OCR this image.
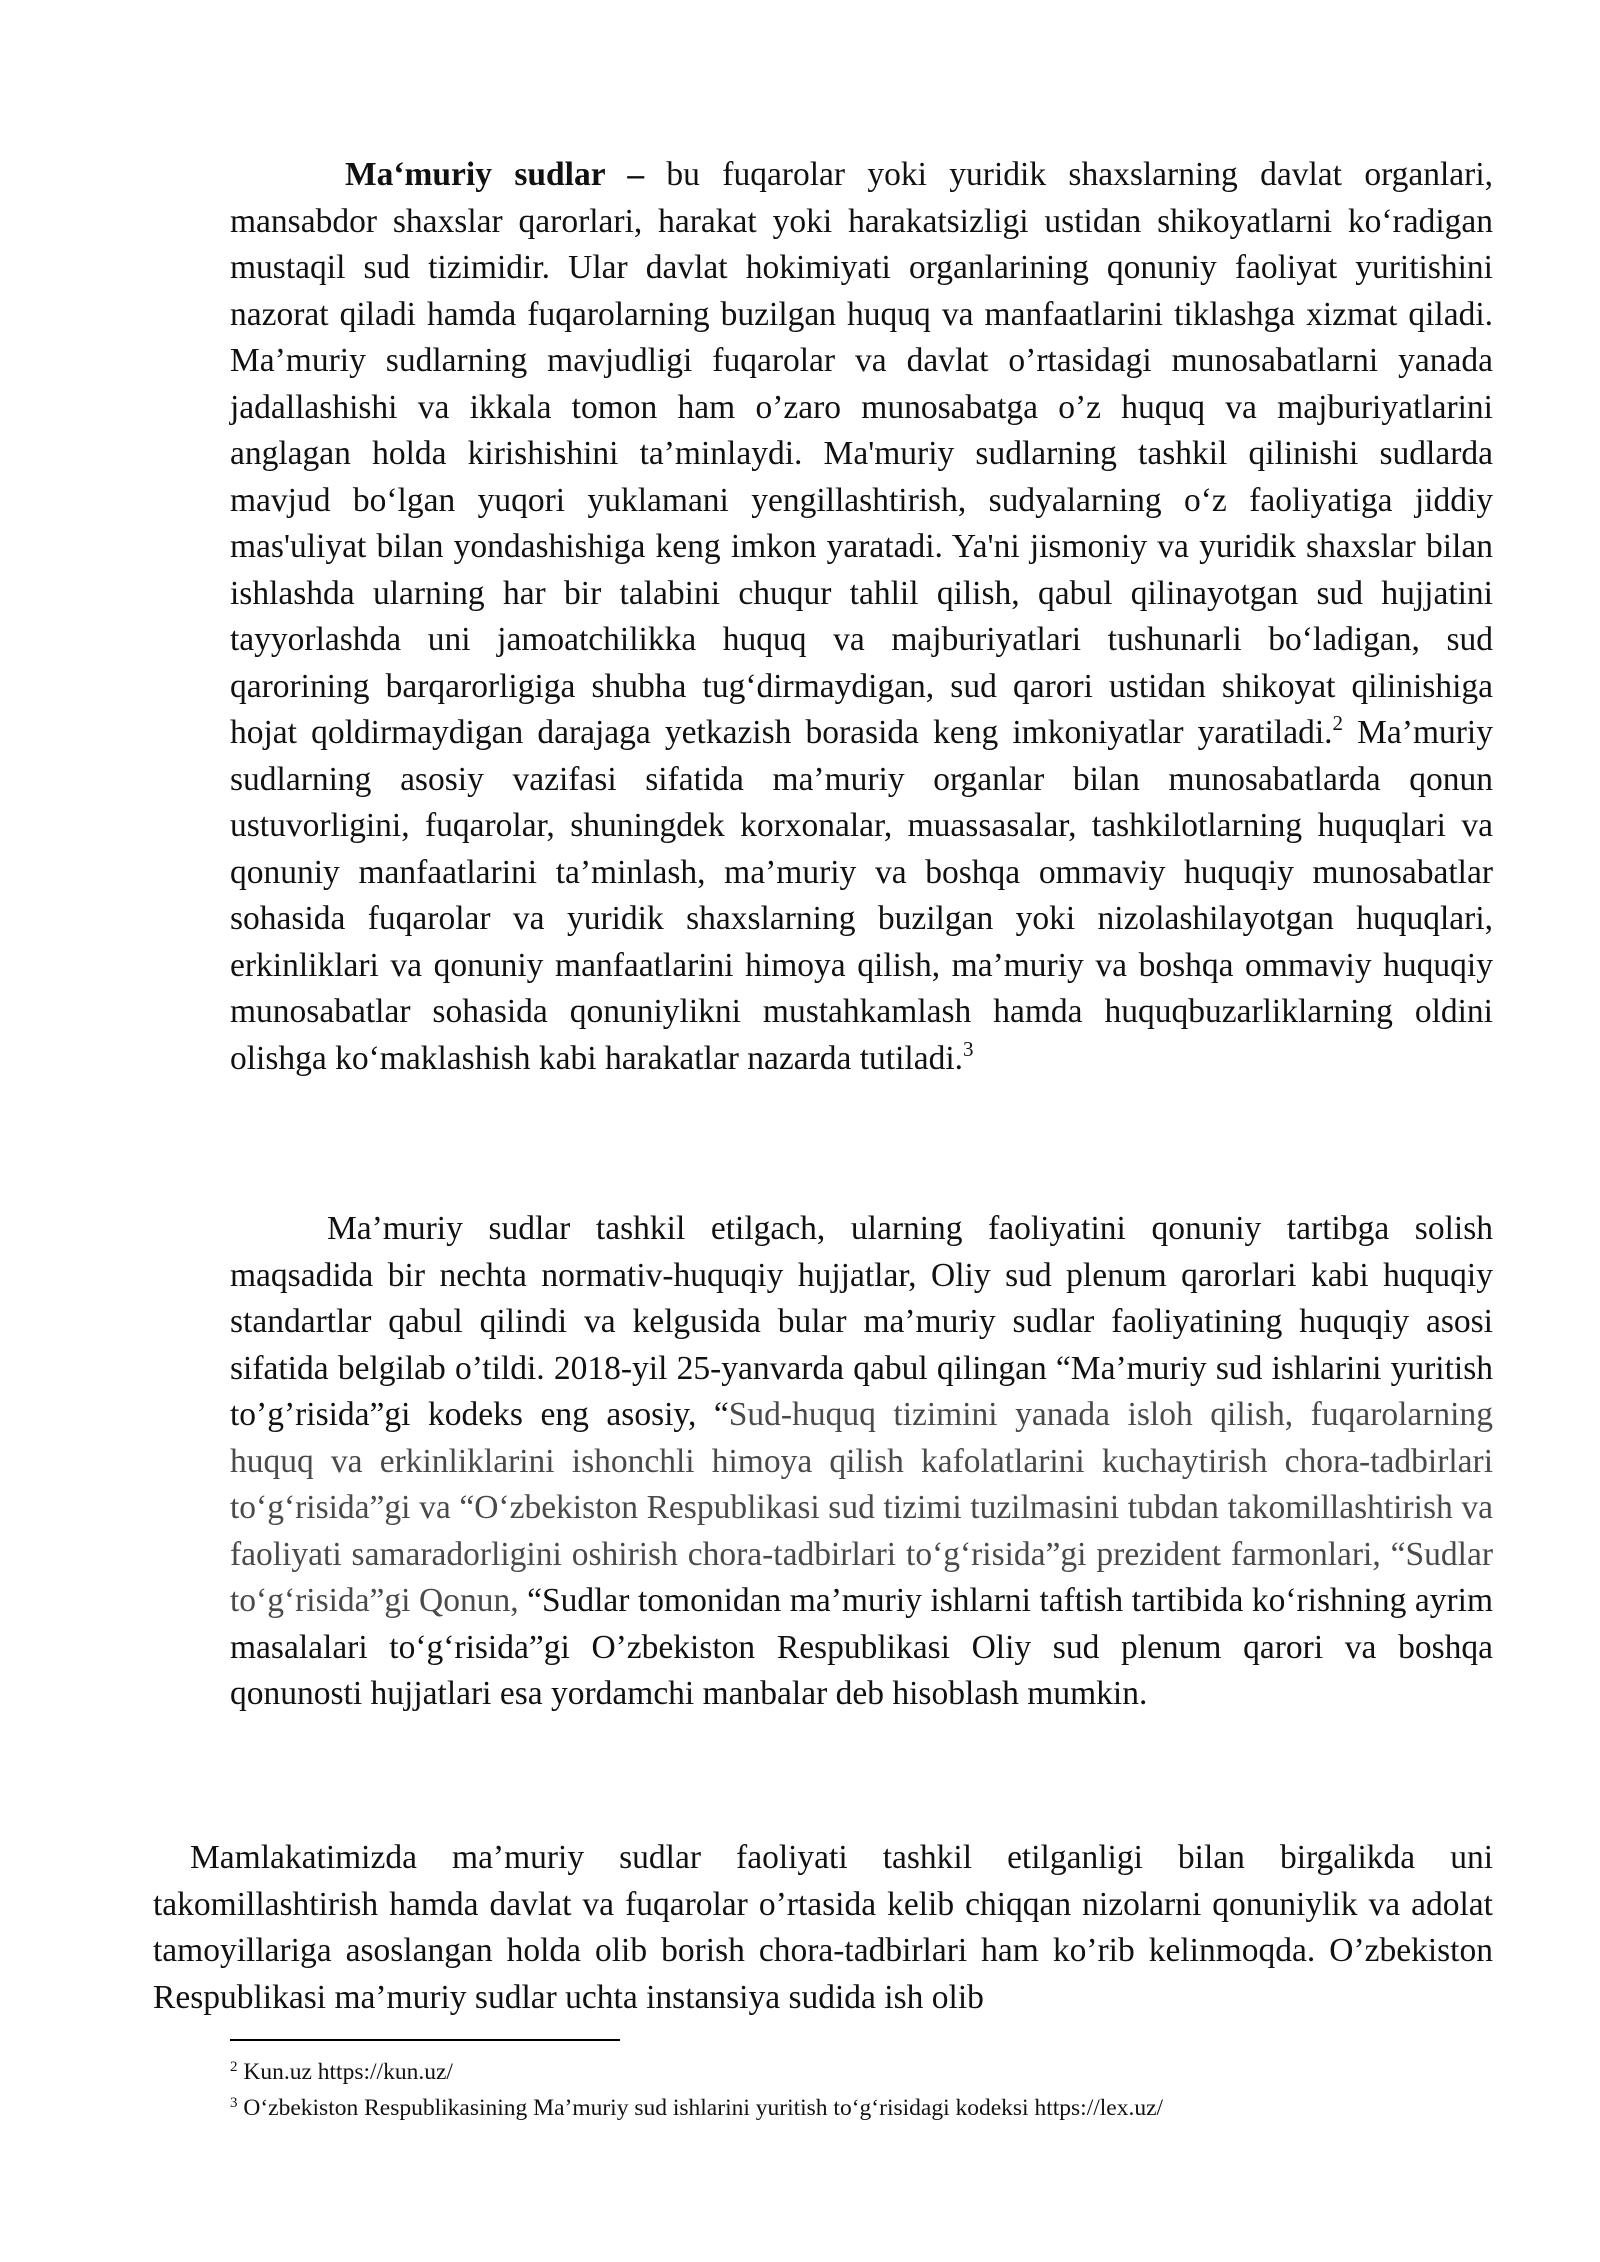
Ma‘muriy sudlar – bu fuqarolar yoki yuridik shaxslarning davlat organlari, mansabdor shaxslar qarorlari, harakat yoki harakatsizligi ustidan shikoyatlarni ko‘radigan mustaqil sud tizimidir. Ular davlat hokimiyati organlarining qonuniy faoliyat yuritishini nazorat qiladi hamda fuqarolarning buzilgan huquq va manfaatlarini tiklashga xizmat qiladi. Ma’muriy sudlarning mavjudligi fuqarolar va davlat o’rtasidagi munosabatlarni yanada jadallashishi va ikkala tomon ham o’zaro munosabatga o’z huquq va majburiyatlarini anglagan holda kirishishini ta’minlaydi. Ma'muriy sudlarning tashkil qilinishi sudlarda mavjud bo‘lgan yuqori yuklamani yengillashtirish, sudyalarning o‘z faoliyatiga jiddiy mas'uliyat bilan yondashishiga keng imkon yaratadi. Ya'ni jismoniy va yuridik shaxslar bilan ishlashda ularning har bir talabini chuqur tahlil qilish, qabul qilinayotgan sud hujjatini tayyorlashda uni jamoatchilikka huquq va majburiyatlari tushunarli bo‘ladigan, sud qarorining barqarorligiga shubha tug‘dirmaydigan, sud qarori ustidan shikoyat qilinishiga hojat qoldirmaydigan darajaga yetkazish borasida keng imkoniyatlar yaratiladi.$^2$ Ma’muriy sudlarning asosiy vazifasi sifatida ma’muriy organlar bilan munosabatlarda qonun ustuvorligini, fuqarolar, shuningdek korxonalar, muassasalar, tashkilotlarning huquqlari va qonuniy manfaatlarini ta’minlash, ma’muriy va boshqa ommaviy huquqiy munosabatlar sohasida fuqarolar va yuridik shaxslarning buzilgan yoki nizolashilayotgan huquqlari, erkinliklari va qonuniy manfaatlarini himoya qilish, ma’muriy va boshqa ommaviy huquqiy munosabatlar sohasida qonuniylikni mustahkamlash hamda huquqbuzarliklarning oldini olishga ko‘maklashish kabi harakatlar nazarda tutiladi.$^3$
Ma’muriy sudlar tashkil etilgach, ularning faoliyatini qonuniy tartibga solish maqsadida bir nechta normativ-huquqiy hujjatlar, Oliy sud plenum qarorlari kabi huquqiy standartlar qabul qilindi va kelgusida bular ma’muriy sudlar faoliyatining huquqiy asosi sifatida belgilab o’tildi. 2018-yil 25-yanvarda qabul qilingan “Ma’muriy sud ishlarini yuritish to’g’risida”gi kodeks eng asosiy, “Sud-huquq tizimini yanada isloh qilish, fuqarolarning huquq va erkinliklarini ishonchli himoya qilish kafolatlarini kuchaytirish chora-tadbirlari to‘g‘risida”gi va “O‘zbekiston Respublikasi sud tizimi tuzilmasini tubdan takomillashtirish va faoliyati samaradorligini oshirish chora-tadbirlari to‘g‘risida”gi prezident farmonlari, “Sudlar to‘g‘risida”gi Qonun, “Sudlar tomonidan ma’muriy ishlarni taftish tartibida ko‘rishning ayrim masalalari to‘g‘risida”gi O’zbekiston Respublikasi Oliy sud plenum qarori va boshqa qonunosti hujjatlari esa yordamchi manbalar deb hisoblash mumkin.
Mamlakatimizda ma’muriy sudlar faoliyati tashkil etilganligi bilan birgalikda uni takomillashtirish hamda davlat va fuqarolar o’rtasida kelib chiqqan nizolarni qonuniylik va adolat tamoyillariga asoslangan holda olib borish chora-tadbirlari ham ko’rib kelinmoqda. O’zbekiston Respublikasi ma’muriy sudlar uchta instansiya sudida ish olib
$^2$ Kun.uz https://kun.uz/
$^3$ O‘zbekiston Respublikasining Ma’muriy sud ishlarini yuritish to‘g‘risidagi kodeksi https://lex.uz/
